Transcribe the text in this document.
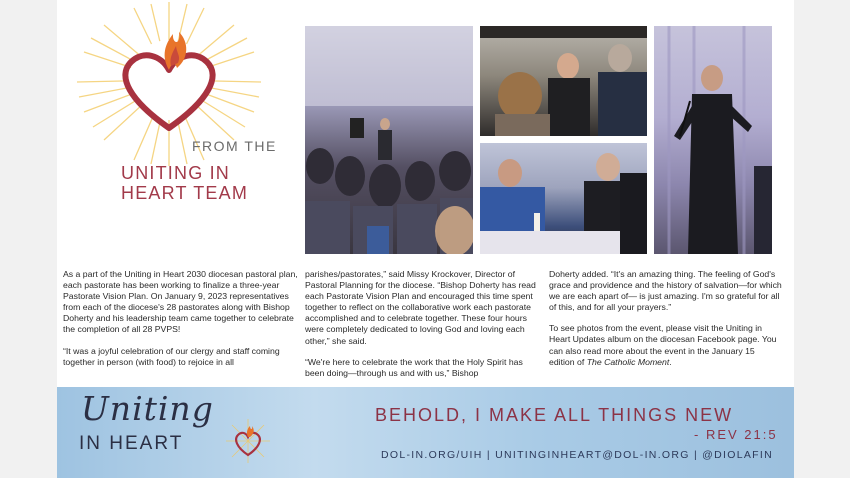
FROM THE
UNITING IN
HEART TEAM

As a part of the Uniting in Heart 2030 diocesan pastoral plan, each pastorate has been working to finalize a three-year Pastorate Vision Plan. On January 9, 2023 representatives from each of the diocese's 28 pastorates along with Bishop Doherty and his leadership team came together to celebrate the completion of all 28 PVPS!

“It was a joyful celebration of our clergy and staff coming together in person (with food) to rejoice in all

parishes/pastorates,” said Missy Krockover, Director of Pastoral Planning for the diocese. “Bishop Doherty has read each Pastorate Vision Plan and encouraged this time spent together to reflect on the collaborative work each pastorate accomplished and to celebrate together. These four hours were completely dedicated to loving God and loving each other,” she said.

“We're here to celebrate the work that the Holy Spirit has been doing—through us and with us,” Bishop

Doherty added. “It's an amazing thing. The feeling of God's grace and providence and the history of salvation—for which we are each apart of— is just amazing. I'm so grateful for all of this, and for all your prayers.”

To see photos from the event, please visit the Uniting in Heart Updates album on the diocesan Facebook page. You can also read more about the event in the January 15 edition of The Catholic Moment.

Uniting
IN HEART
BEHOLD, I MAKE ALL THINGS NEW
- REV 21:5
DOL-IN.ORG/UIH | UNITINGINHEART@DOL-IN.ORG | @DIOLAFIN
